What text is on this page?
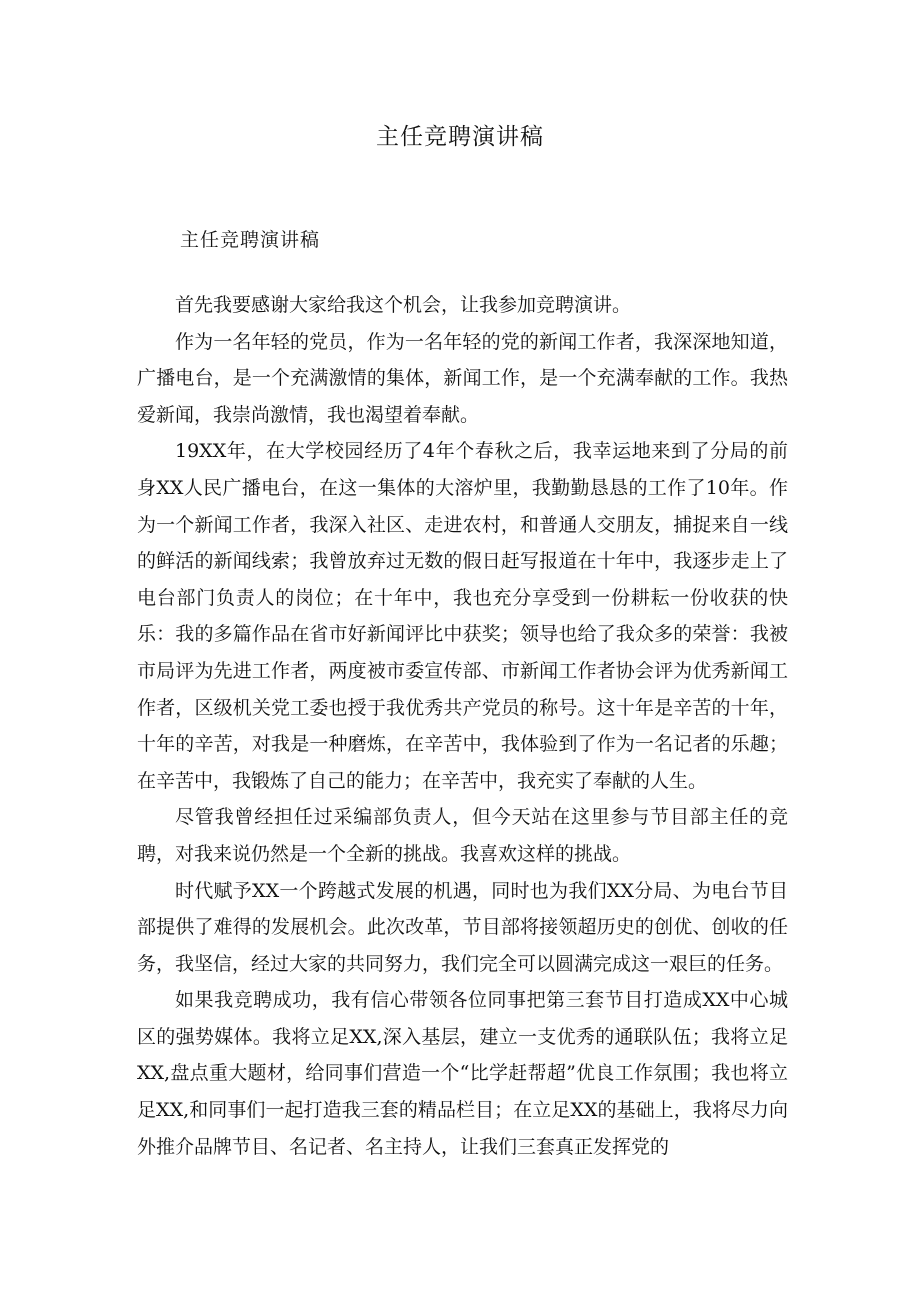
主任竞聘演讲稿
主任竞聘演讲稿

首先我要感谢大家给我这个机会，让我参加竞聘演讲。

作为一名年轻的党员，作为一名年轻的党的新闻工作者，我深深地知道，广播电台，是一个充满激情的集体，新闻工作，是一个充满奉献的工作。我热爱新闻，我崇尚激情，我也渴望着奉献。

19XX年，在大学校园经历了4年个春秋之后，我幸运地来到了分局的前身XX人民广播电台，在这一集体的大溶炉里，我勤勤恳恳的工作了10年。作为一个新闻工作者，我深入社区、走进农村，和普通人交朋友，捕捉来自一线的鲜活的新闻线索；我曾放弃过无数的假日赶写报道在十年中，我逐步走上了电台部门负责人的岗位；在十年中，我也充分享受到一份耕耘一份收获的快乐：我的多篇作品在省市好新闻评比中获奖；领导也给了我众多的荣誉：我被市局评为先进工作者，两度被市委宣传部、市新闻工作者协会评为优秀新闻工作者，区级机关党工委也授于我优秀共产党员的称号。这十年是辛苦的十年，十年的辛苦，对我是一种磨炼，在辛苦中，我体验到了作为一名记者的乐趣；在辛苦中，我锻炼了自己的能力；在辛苦中，我充实了奉献的人生。

尽管我曾经担任过采编部负责人，但今天站在这里参与节目部主任的竞聘，对我来说仍然是一个全新的挑战。我喜欢这样的挑战。

时代赋予XX一个跨越式发展的机遇，同时也为我们XX分局、为电台节目部提供了难得的发展机会。此次改革，节目部将接领超历史的创优、创收的任务，我坚信，经过大家的共同努力，我们完全可以圆满完成这一艰巨的任务。

如果我竞聘成功，我有信心带领各位同事把第三套节目打造成XX中心城区的强势媒体。我将立足XX,深入基层，建立一支优秀的通联队伍；我将立足XX,盘点重大题材，给同事们营造一个“比学赶帮超”优良工作氛围；我也将立足XX,和同事们一起打造我三套的精品栏目；在立足XX的基础上，我将尽力向外推介品牌节目、名记者、名主持人，让我们三套真正发挥党的
